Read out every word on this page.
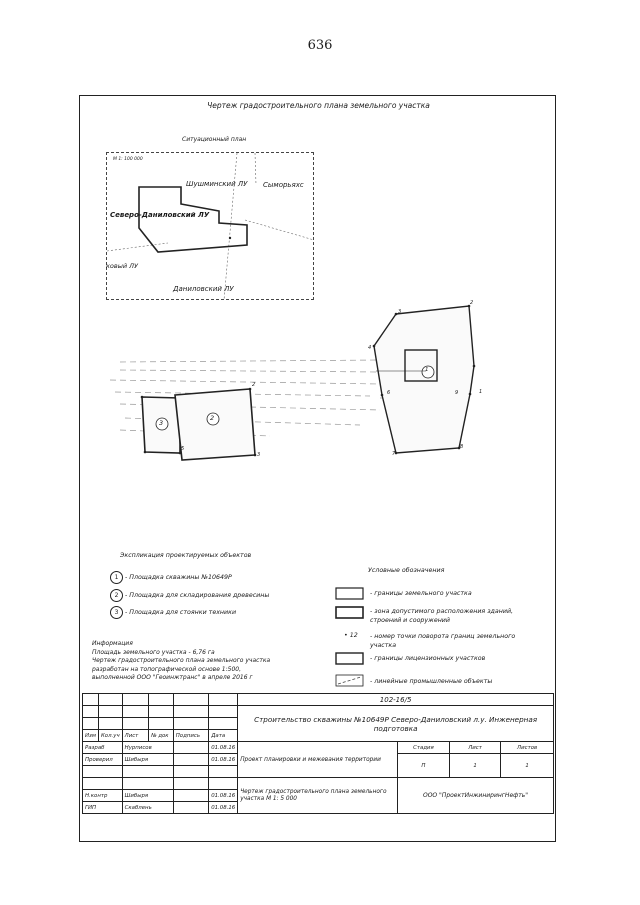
636
Чертеж градостроительного плана земельного участка
Ситуационный план
М 1: 100 000
Шушминский ЛУ Сыморьяхс
Северо-Даниловский ЛУ
ковый ЛУ
Даниловский ЛУ
1
2
3
1
2
3
4
6
7
8
9
2
3
5
Экспликация проектируемых объектов
1 - Площадка скважины №10649Р
2 - Площадка для складирования древесины
3 - Площадка для стоянки техники
Условные обозначения
- границы земельного участка
- зона допустимого расположения зданий, строений и сооружений
• 12 - номер точки поворота границ земельного участка
- границы лицензионных участков
- линейные промышленные объекты
Информация
Площадь земельного участка - 6,76 га
Чертеж градостроительного плана земельного участка
разработан на топографической основе 1:500,
выполненной ООО "Геоинжтранс" в апреле 2016 г
						102-16/5			
						Строительство скважины №10649Р Северо-Даниловский л.у. Инженерная подготовка			

Изм	Кол.уч	Лист	№ док	Подпись	Дата				
Разраб		Нурписов			01.08.16	Проект планировки и межевания территории	Стадия	Лист	Листов
Проверил		Шибыря			01.08.16		П	1	1

						Чертеж градостроительного плана земельного участка М 1: 5 000	ООО "ПроектИнжинирингНефть"		
Н.контр		Шибыря			01.08.16				
ГИП		Скаблень			01.08.16				
